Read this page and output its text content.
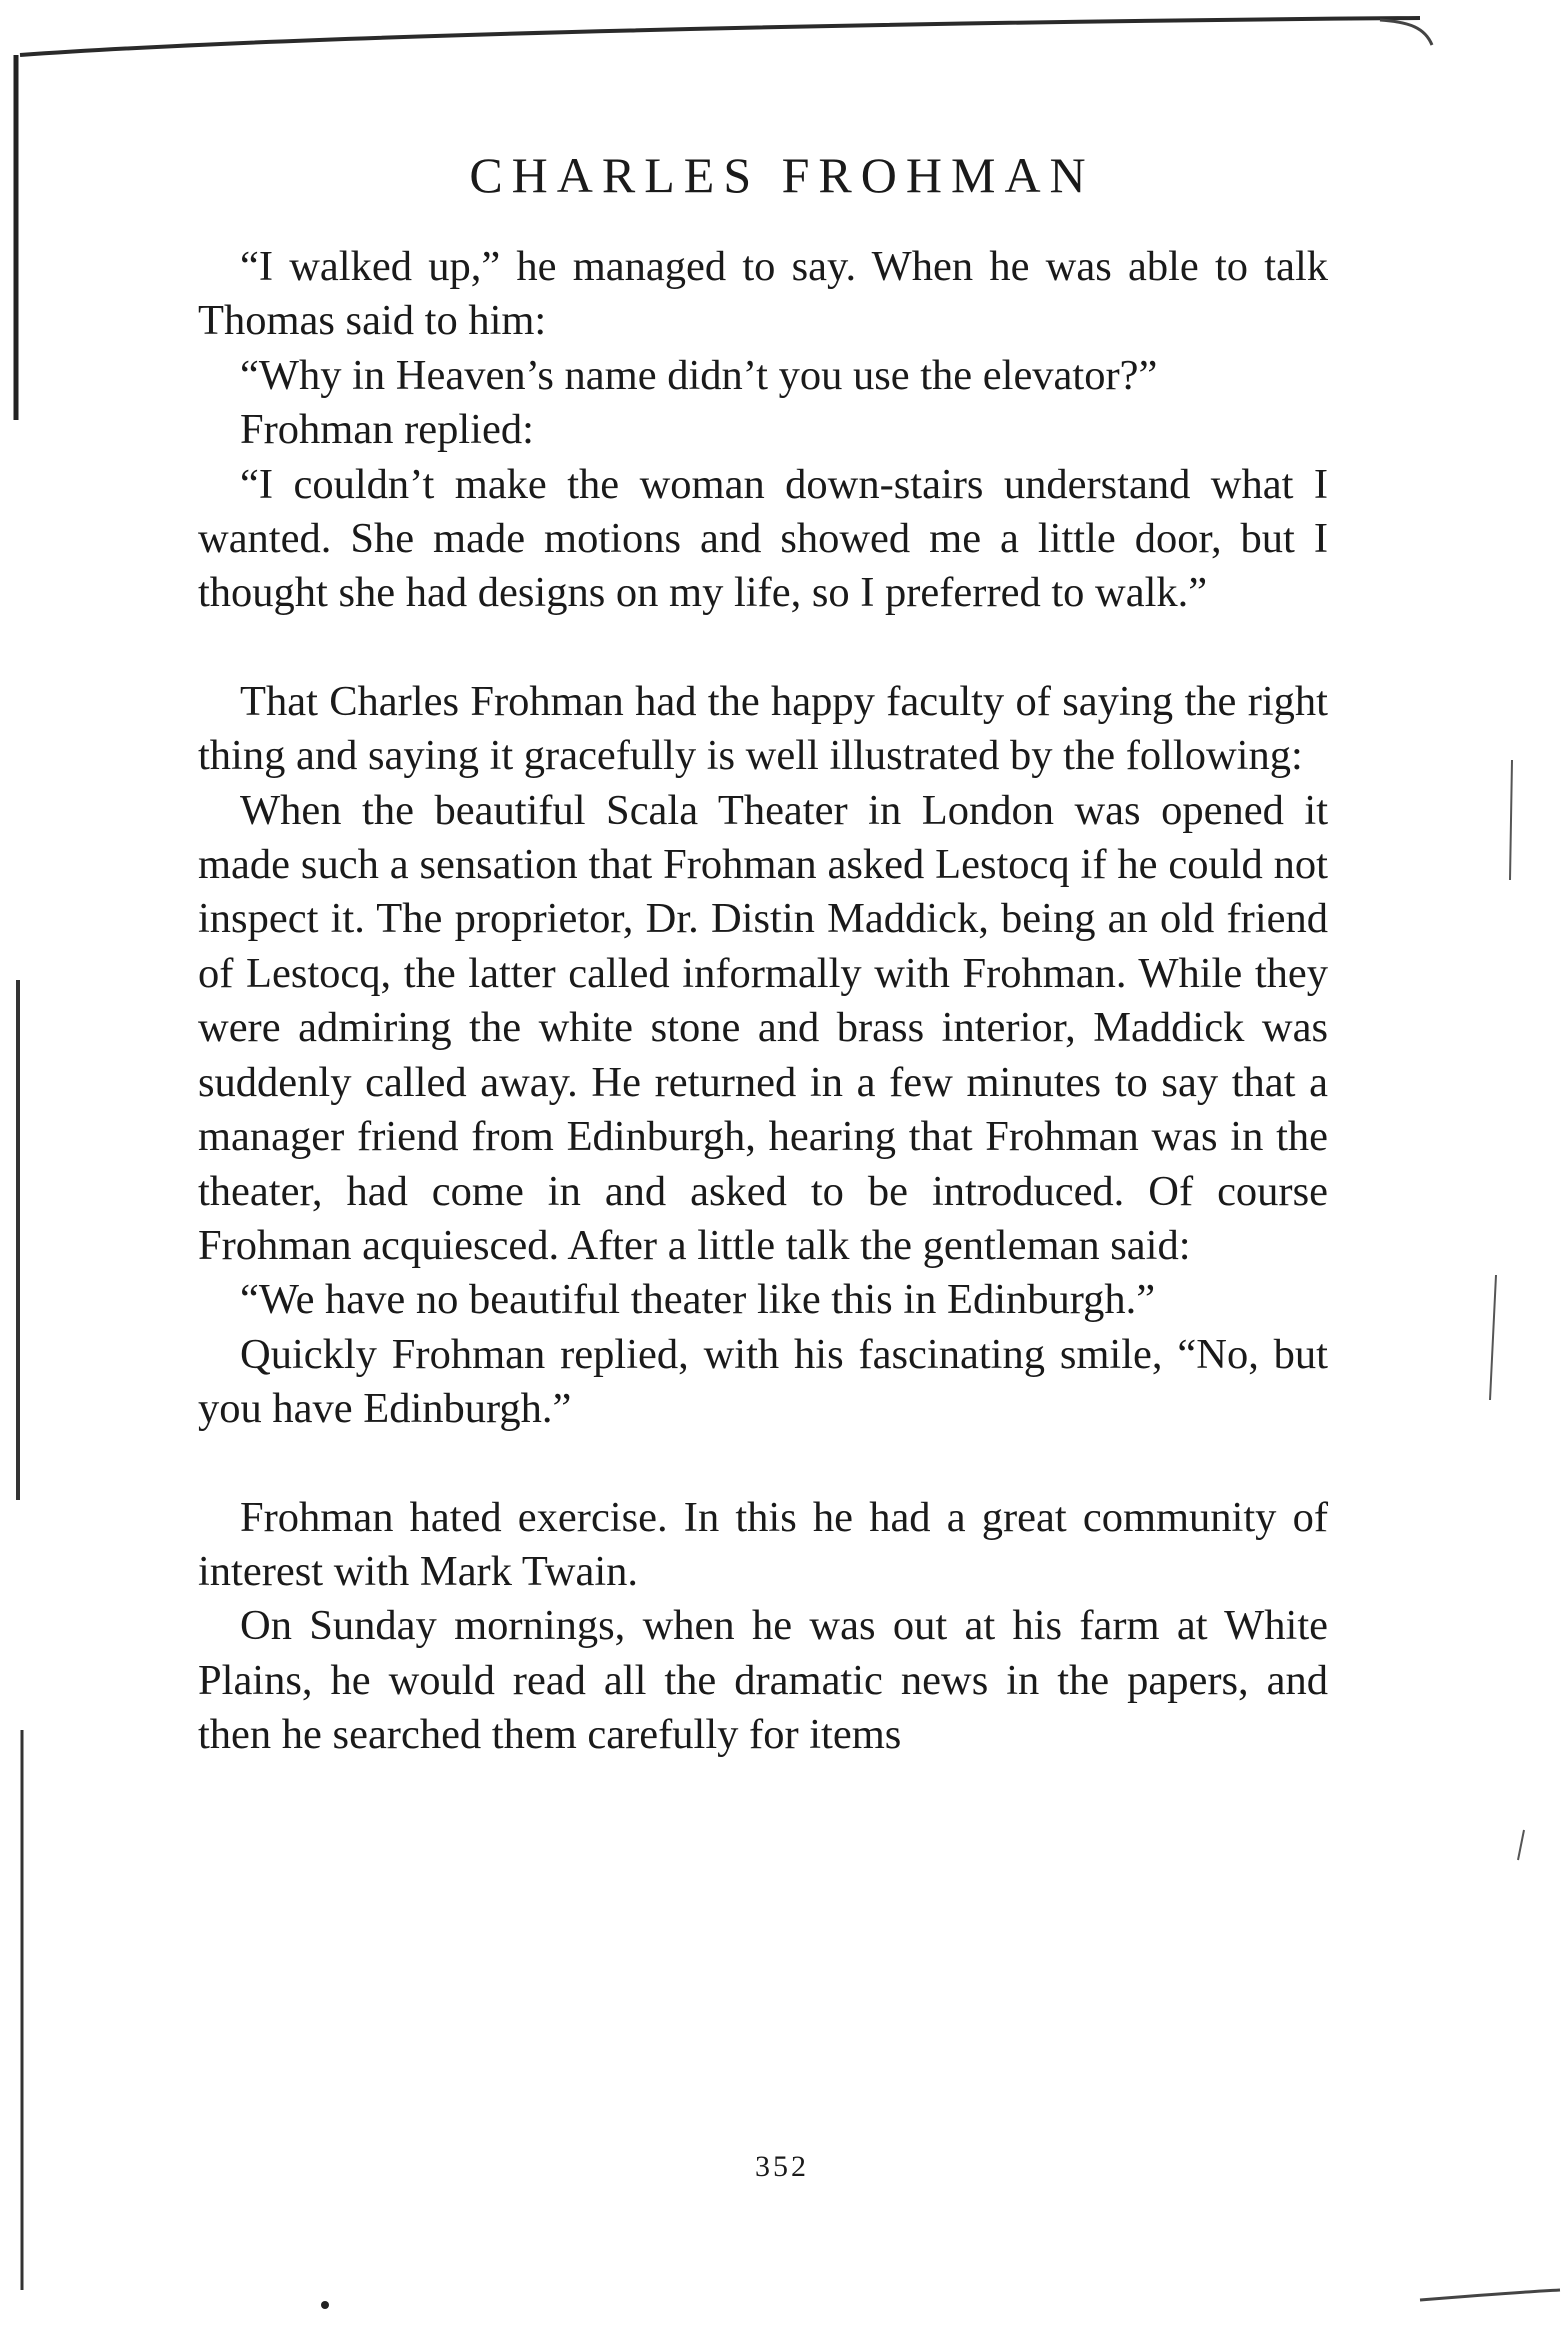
CHARLES FROHMAN

“I walked up,” he managed to say. When he was able to talk Thomas said to him:

“Why in Heaven’s name didn’t you use the elevator?”

Frohman replied:

“I couldn’t make the woman down-stairs understand what I wanted. She made motions and showed me a little door, but I thought she had designs on my life, so I preferred to walk.”

That Charles Frohman had the happy faculty of saying the right thing and saying it gracefully is well illustrated by the following:

When the beautiful Scala Theater in London was opened it made such a sensation that Frohman asked Lestocq if he could not inspect it. The proprietor, Dr. Distin Maddick, being an old friend of Lestocq, the latter called informally with Frohman. While they were admiring the white stone and brass interior, Maddick was suddenly called away. He returned in a few minutes to say that a manager friend from Edinburgh, hearing that Frohman was in the theater, had come in and asked to be introduced. Of course Frohman acquiesced. After a little talk the gentleman said:

“We have no beautiful theater like this in Edinburgh.”

Quickly Frohman replied, with his fascinating smile, “No, but you have Edinburgh.”

Frohman hated exercise. In this he had a great community of interest with Mark Twain.

On Sunday mornings, when he was out at his farm at White Plains, he would read all the dramatic news in the papers, and then he searched them carefully for items

352
